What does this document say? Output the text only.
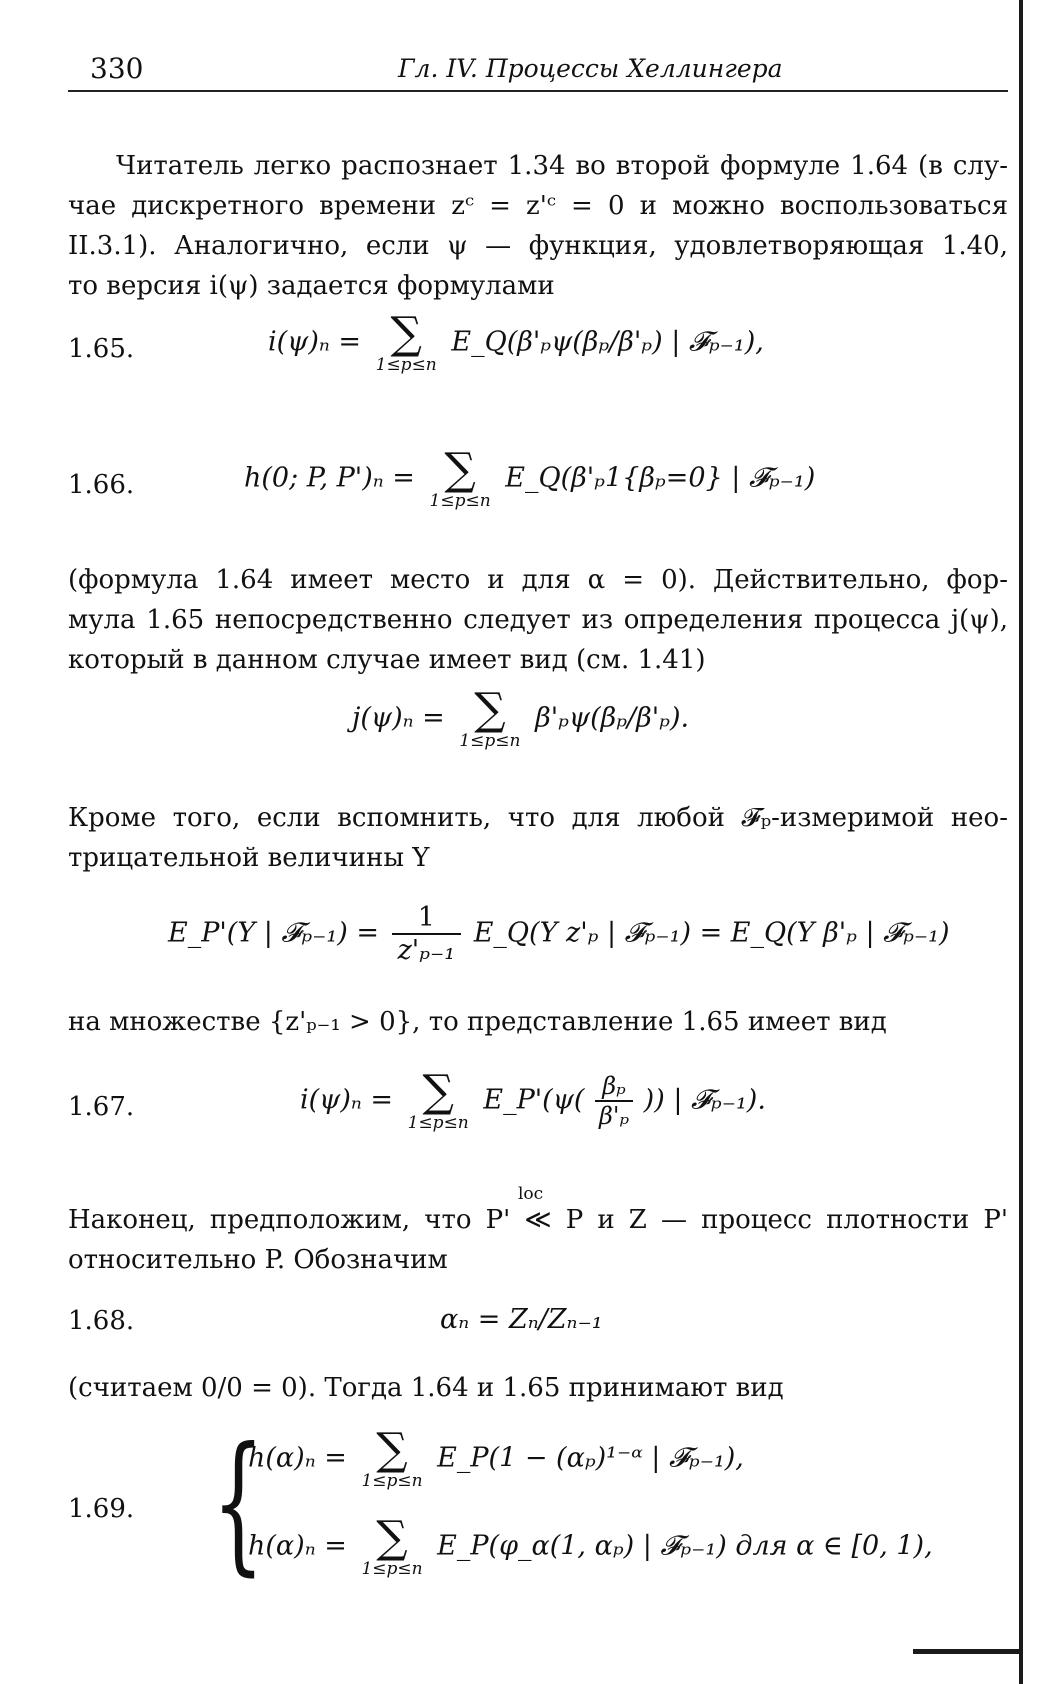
330	Гл. IV. Процессы Хеллингера
Читатель легко распознает 1.34 во второй формуле 1.64 (в слу-
чае дискретного времени zᶜ = z'ᶜ = 0 и можно воспользоваться
II.3.1). Аналогично, если ψ — функция, удовлетворяющая 1.40,
то версия i(ψ) задается формулами
1.65.	i(ψ)ₙ = ∑
1≤p≤n
E_Q(β'ₚψ(βₚ/β'ₚ) | 𝓕ₚ₋₁),
1.66.	h(0; P, P')ₙ = ∑
1≤p≤n
E_Q(β'ₚ1{βₚ=0} | 𝓕ₚ₋₁)
(формула 1.64 имеет место и для α = 0). Действительно, фор-
мула 1.65 непосредственно следует из определения процесса j(ψ),
который в данном случае имеет вид (см. 1.41)
j(ψ)ₙ = ∑
1≤p≤n
β'ₚψ(βₚ/β'ₚ).
Кроме того, если вспомнить, что для любой 𝓕ₚ-измеримой нео-
трицательной величины Y
E_P'(Y | 𝓕ₚ₋₁) = $\frac{1}{\text{z'ₚ₋₁}}$ E_Q(Y z'ₚ | 𝓕ₚ₋₁) = E_Q(Y β'ₚ | 𝓕ₚ₋₁)
на множестве {z'ₚ₋₁ > 0}, то представление 1.65 имеет вид
1.67.	i(ψ)ₙ = ∑
1≤p≤n
E_P'(ψ( $\frac{\text{βₚ}}{\text{β'ₚ}}$ )) | 𝓕ₚ₋₁).
loc
Наконец, предположим, что P' ≪ P и Z — процесс плотности P'
относительно P. Обозначим
1.68.	αₙ = Zₙ/Zₙ₋₁
(считаем 0/0 = 0). Тогда 1.64 и 1.65 принимают вид
1.69. {
h(α)ₙ = ∑
1≤p≤n
E_P(1 − (αₚ)¹⁻ᵅ | 𝓕ₚ₋₁),
h(α)ₙ = ∑
1≤p≤n
E_P(φ_α(1, αₚ) | 𝓕ₚ₋₁) для α ∈ [0, 1),
